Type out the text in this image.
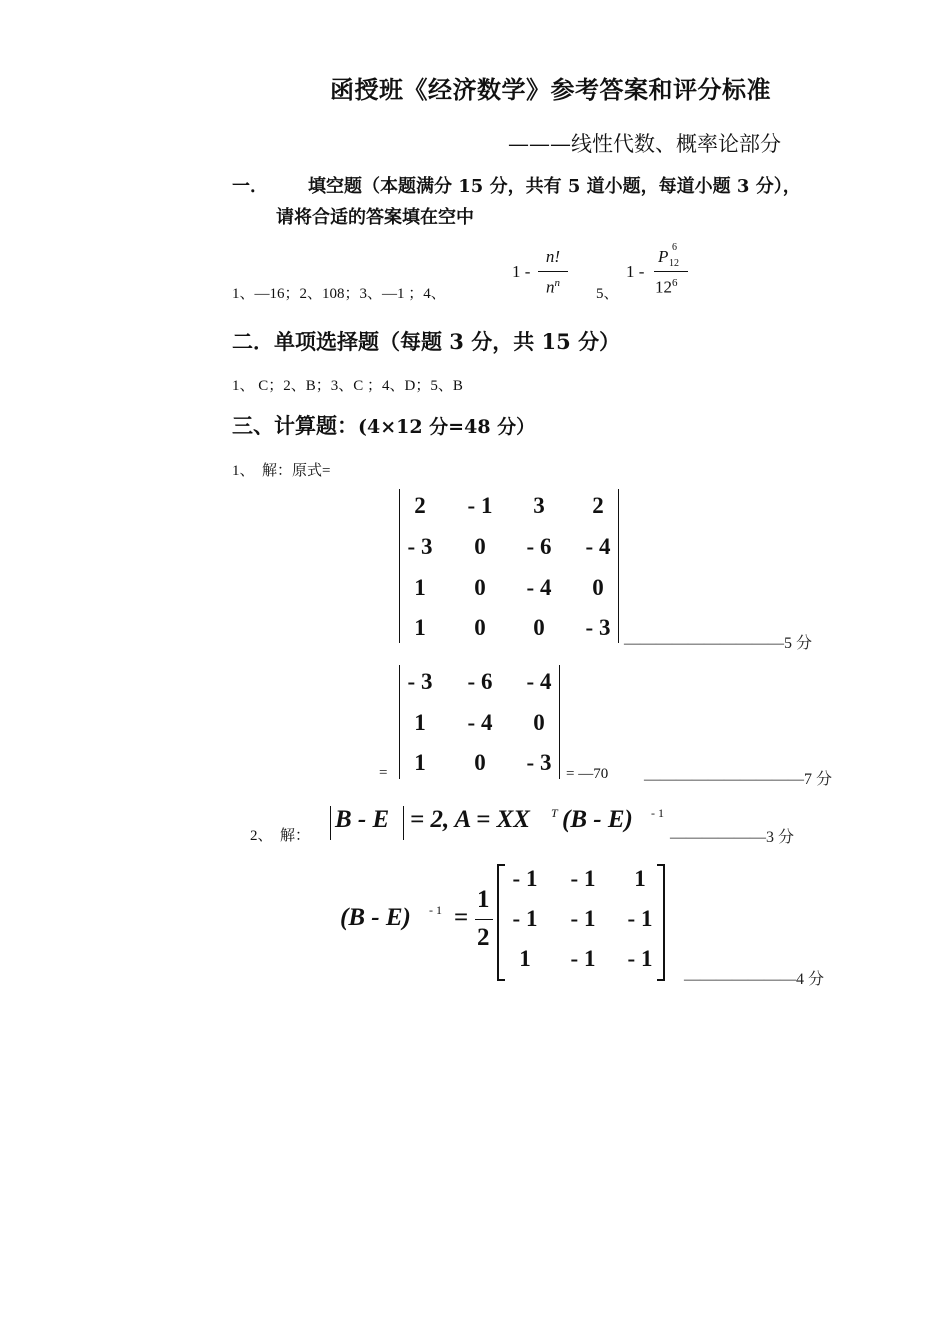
函授班《经济数学》参考答案和评分标准
———线性代数、概率论部分
一． 填空题（本题满分 15 分，共有 5 道小题，每道小题 3 分），
请将合适的答案填在空中
1、—16；2、108；3、—1 ；4、
1 -
n!
$n^n$
5、
1 -
P 6
12
$12^6$
二．单项选择题（每题 3 分，共 15 分）
1、 C；2、B；3、C ；4、D；5、B
三、计算题：(4×12 分=48 分）
1、　解：原式=
2	- 1	3	2
- 3	0	- 6	- 4
1	0	- 4	0
1	0	0	- 3
——————————5 分
=
- 3	- 6	- 4
1	- 4	0
1	0	- 3 = —70 ——————————7 分
2、　解：
B - E = 2, A = XX T (B - E) - 1
——————3 分
(B - E) - 1 =
1
2
- 1	- 1	1
- 1	- 1	- 1
1	- 1	- 1
———————4 分
